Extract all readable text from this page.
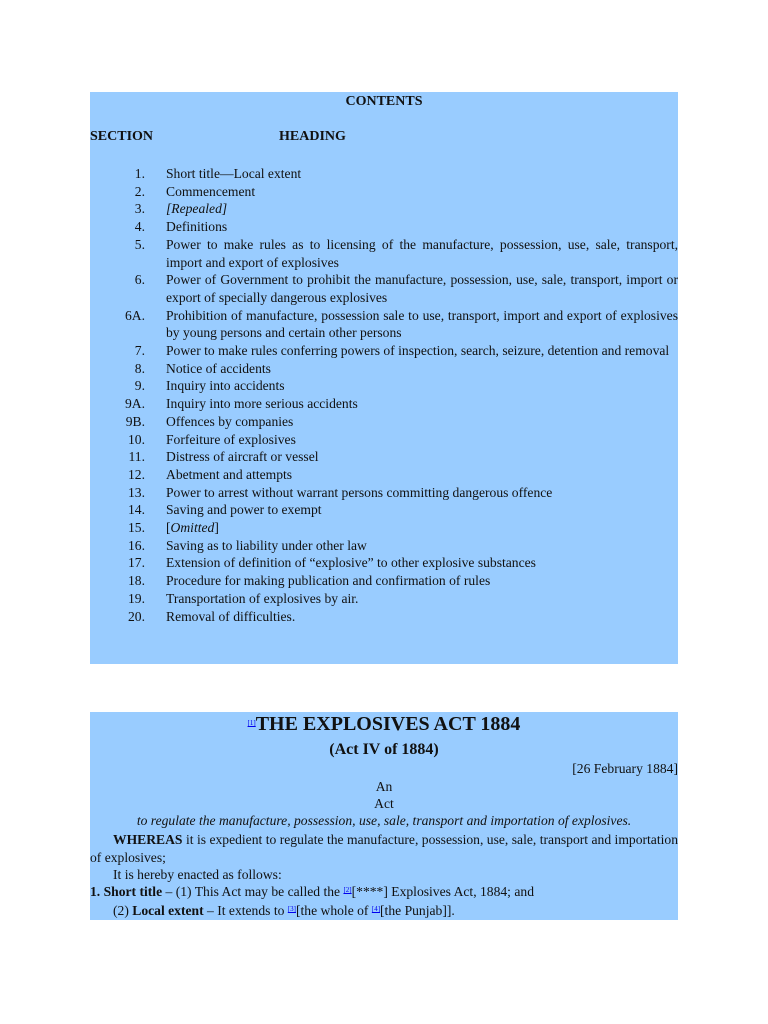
CONTENTS
SECTION	HEADING
1. Short title—Local extent
2. Commencement
3. [Repealed]
4. Definitions
5. Power to make rules as to licensing of the manufacture, possession, use, sale, transport, import and export of explosives
6. Power of Government to prohibit the manufacture, possession, use, sale, transport, import or export of specially dangerous explosives
6A. Prohibition of manufacture, possession sale to use, transport, import and export of explosives by young persons and certain other persons
7. Power to make rules conferring powers of inspection, search, seizure, detention and removal
8. Notice of accidents
9. Inquiry into accidents
9A. Inquiry into more serious accidents
9B. Offences by companies
10. Forfeiture of explosives
11. Distress of aircraft or vessel
12. Abetment and attempts
13. Power to arrest without warrant persons committing dangerous offence
14. Saving and power to exempt
15. [Omitted]
16. Saving as to liability under other law
17. Extension of definition of “explosive” to other explosive substances
18. Procedure for making publication and confirmation of rules
19. Transportation of explosives by air.
20. Removal of difficulties.
[1]THE EXPLOSIVES ACT 1884
(Act IV of 1884)
[26 February 1884]
An
Act
to regulate the manufacture, possession, use, sale, transport and importation of explosives.
WHEREAS it is expedient to regulate the manufacture, possession, use, sale, transport and importation of explosives;
It is hereby enacted as follows:
1. Short title – (1) This Act may be called the [2][****] Explosives Act, 1884; and
(2) Local extent – It extends to [3][the whole of [4][the Punjab]].
